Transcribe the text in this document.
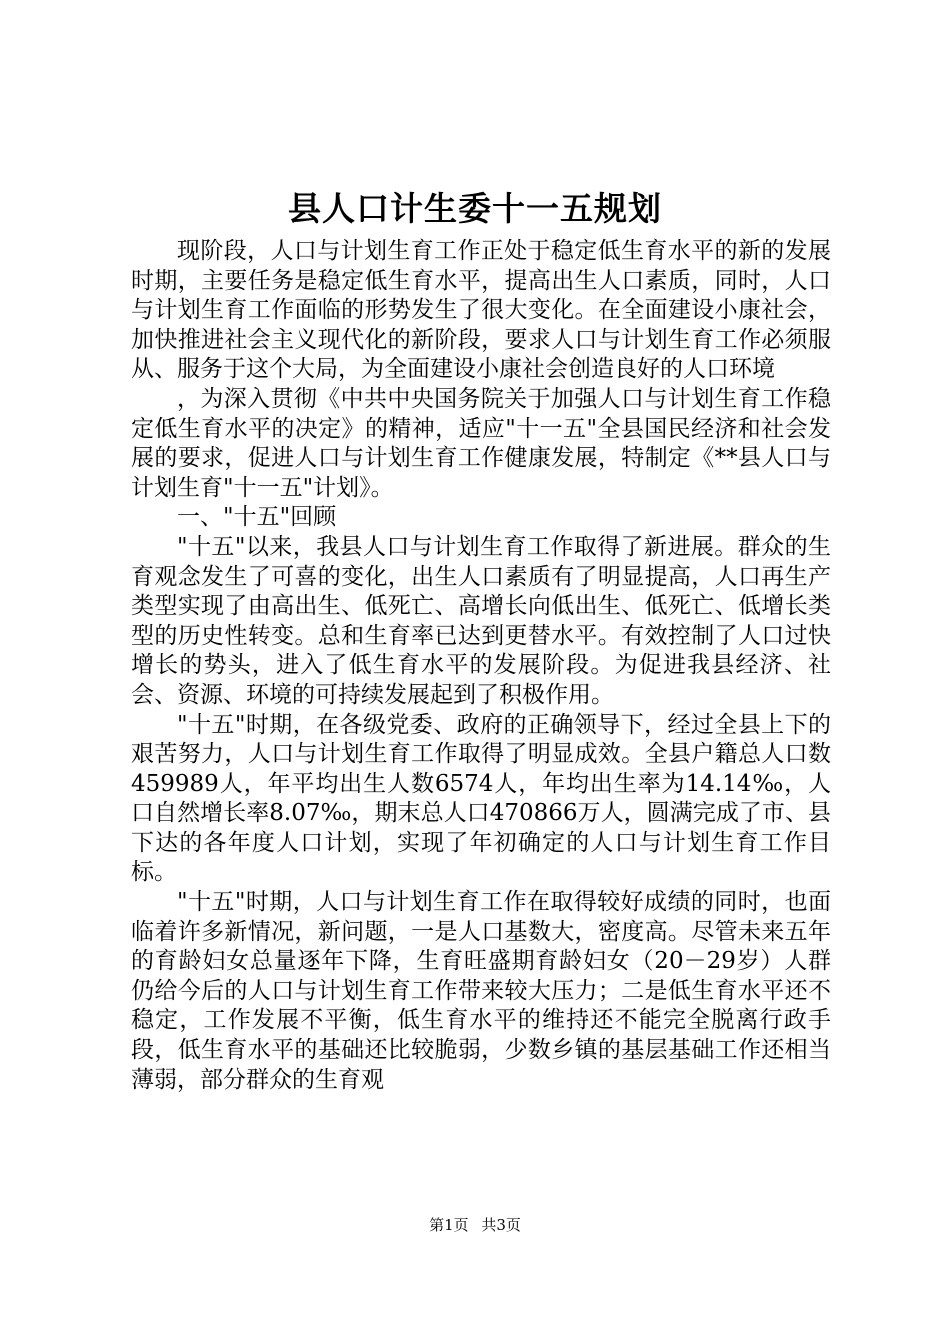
县人口计生委十一五规划

现阶段，人口与计划生育工作正处于稳定低生育水平的新的发展时期，主要任务是稳定低生育水平，提高出生人口素质，同时，人口与计划生育工作面临的形势发生了很大变化。在全面建设小康社会，加快推进社会主义现代化的新阶段，要求人口与计划生育工作必须服从、服务于这个大局，为全面建设小康社会创造良好的人口环境

，为深入贯彻《中共中央国务院关于加强人口与计划生育工作稳定低生育水平的决定》的精神，适应"十一五"全县国民经济和社会发展的要求，促进人口与计划生育工作健康发展，特制定《**县人口与计划生育"十一五"计划》。

一、"十五"回顾

"十五"以来，我县人口与计划生育工作取得了新进展。群众的生育观念发生了可喜的变化，出生人口素质有了明显提高，人口再生产类型实现了由高出生、低死亡、高增长向低出生、低死亡、低增长类型的历史性转变。总和生育率已达到更替水平。有效控制了人口过快增长的势头，进入了低生育水平的发展阶段。为促进我县经济、社会、资源、环境的可持续发展起到了积极作用。

"十五"时期，在各级党委、政府的正确领导下，经过全县上下的艰苦努力，人口与计划生育工作取得了明显成效。全县户籍总人口数459989人，年平均出生人数6574人，年均出生率为14.14‰，人口自然增长率8.07‰，期末总人口470866万人，圆满完成了市、县下达的各年度人口计划，实现了年初确定的人口与计划生育工作目标。

"十五"时期，人口与计划生育工作在取得较好成绩的同时，也面临着许多新情况，新问题，一是人口基数大，密度高。尽管未来五年的育龄妇女总量逐年下降，生育旺盛期育龄妇女（20－29岁）人群仍给今后的人口与计划生育工作带来较大压力；二是低生育水平还不稳定，工作发展不平衡，低生育水平的维持还不能完全脱离行政手段，低生育水平的基础还比较脆弱，少数乡镇的基层基础工作还相当薄弱，部分群众的生育观

第1页 共3页
